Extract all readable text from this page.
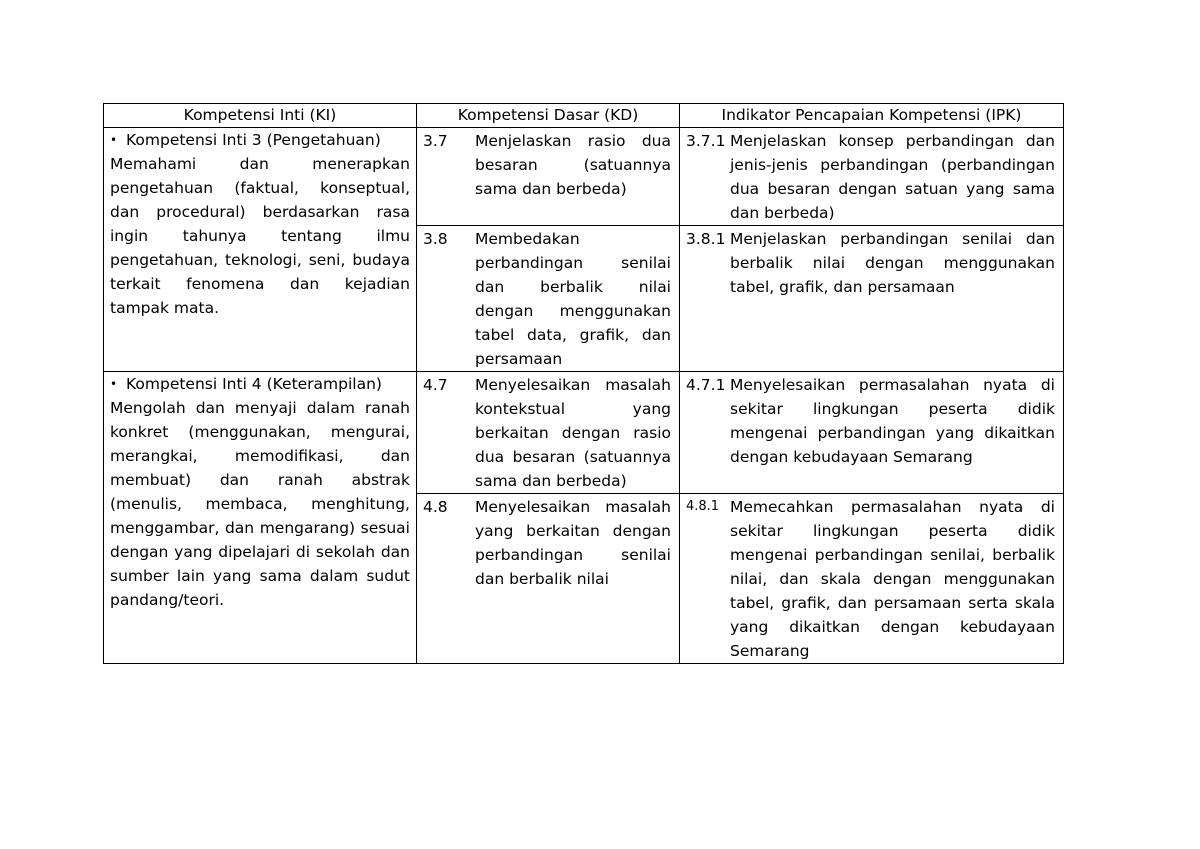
Kompetensi Inti (KI)	Kompetensi Dasar (KD)	Indikator Pencapaian Kompetensi (IPK)

• Kompetensi Inti 3 (Pengetahuan)
Memahami dan menerapkan pengetahuan (faktual, konseptual, dan procedural) berdasarkan rasa ingin tahunya tentang ilmu pengetahuan, teknologi, seni, budaya terkait fenomena dan kejadian tampak mata.	3.7 Menjelaskan rasio dua besaran (satuannya sama dan berbeda)	3.7.1 Menjelaskan konsep perbandingan dan jenis-jenis perbandingan (perbandingan dua besaran dengan satuan yang sama dan berbeda)

	3.8 Membedakan perbandingan senilai dan berbalik nilai dengan menggunakan tabel data, grafik, dan persamaan	3.8.1 Menjelaskan perbandingan senilai dan berbalik nilai dengan menggunakan tabel, grafik, dan persamaan

• Kompetensi Inti 4 (Keterampilan)
Mengolah dan menyaji dalam ranah konkret (menggunakan, mengurai, merangkai, memodifikasi, dan membuat) dan ranah abstrak (menulis, membaca, menghitung, menggambar, dan mengarang) sesuai dengan yang dipelajari di sekolah dan sumber lain yang sama dalam sudut pandang/teori.	4.7 Menyelesaikan masalah kontekstual yang berkaitan dengan rasio dua besaran (satuannya sama dan berbeda)	4.7.1 Menyelesaikan permasalahan nyata di sekitar lingkungan peserta didik mengenai perbandingan yang dikaitkan dengan kebudayaan Semarang

	4.8 Menyelesaikan masalah yang berkaitan dengan perbandingan senilai dan berbalik nilai	4.8.1 Memecahkan permasalahan nyata di sekitar lingkungan peserta didik mengenai perbandingan senilai, berbalik nilai, dan skala dengan menggunakan tabel, grafik, dan persamaan serta skala yang dikaitkan dengan kebudayaan Semarang
